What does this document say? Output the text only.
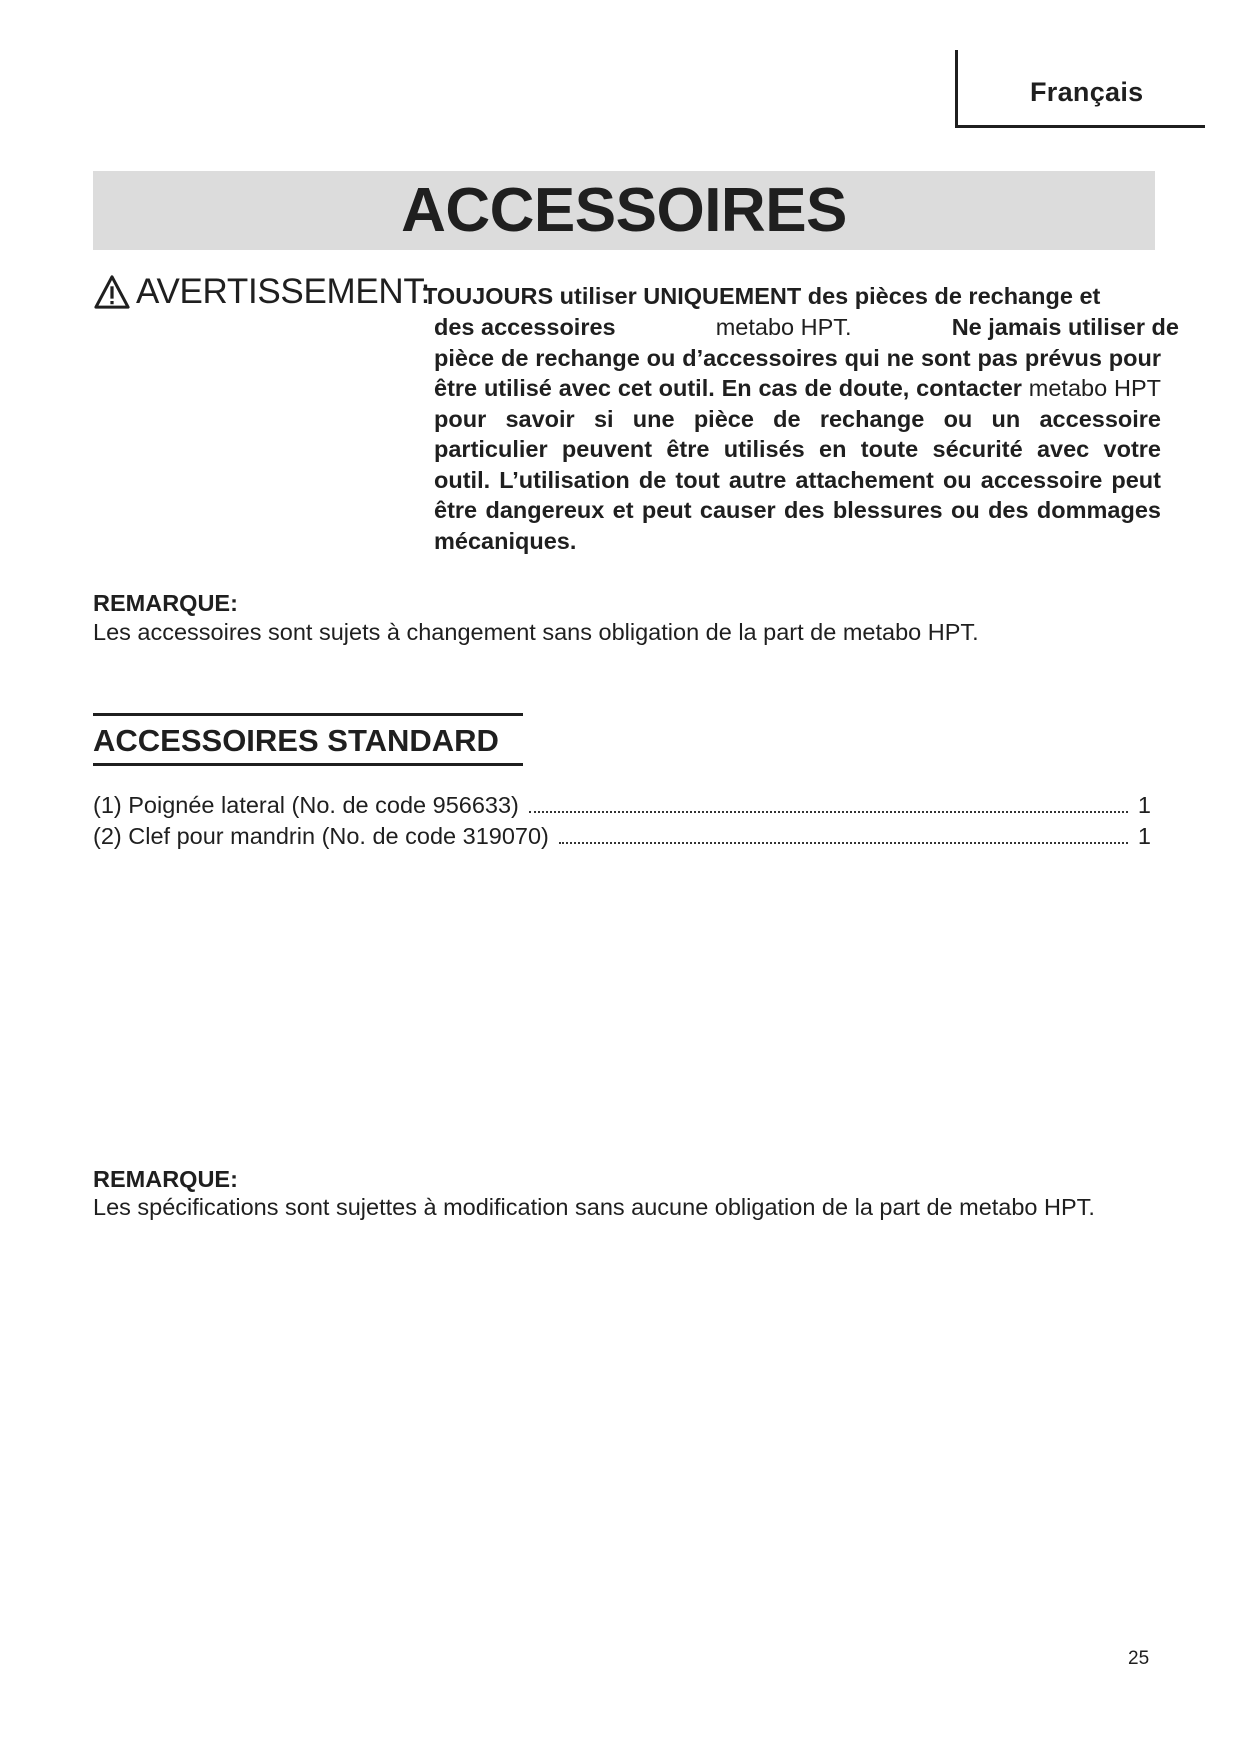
Français
ACCESSOIRES
AVERTISSEMENT:
TOUJOURS utiliser UNIQUEMENT des pièces de rechange et
des accessoires	metabo HPT.	Ne jamais utiliser de
pièce de rechange ou d’accessoires qui ne sont pas prévus pour être utilisé avec cet outil. En cas de doute, contacter metabo HPT pour savoir si une pièce de rechange ou un accessoire particulier peuvent être utilisés en toute sécurité avec votre outil. L’utilisation de tout autre attachement ou accessoire peut être dangereux et peut causer des blessures ou des dommages mécaniques.
REMARQUE:
Les accessoires sont sujets à changement sans obligation de la part de metabo HPT.
ACCESSOIRES STANDARD
(1) Poignée lateral (No. de code 956633)	1
(2) Clef pour mandrin (No. de code 319070)	1
REMARQUE:
Les spécifications sont sujettes à modification sans aucune obligation de la part de metabo HPT.
25
